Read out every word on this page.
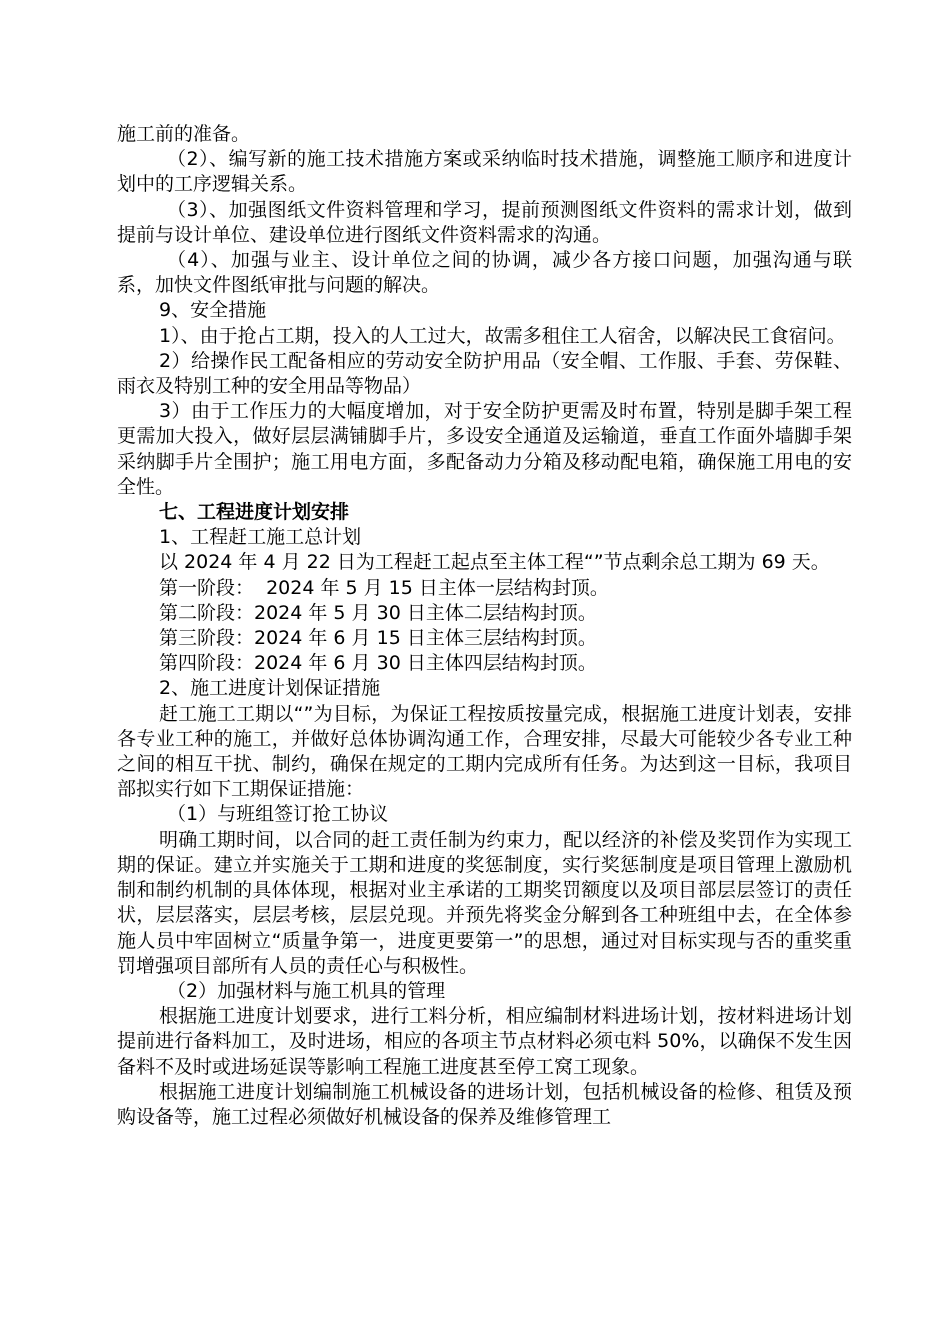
施工前的准备。

（2）、编写新的施工技术措施方案或采纳临时技术措施，调整施工顺序和进度计划中的工序逻辑关系。

（3）、加强图纸文件资料管理和学习，提前预测图纸文件资料的需求计划，做到提前与设计单位、建设单位进行图纸文件资料需求的沟通。

（4）、加强与业主、设计单位之间的协调，减少各方接口问题，加强沟通与联系，加快文件图纸审批与问题的解决。

9、安全措施

1）、由于抢占工期，投入的人工过大，故需多租住工人宿舍，以解决民工食宿问。

2）给操作民工配备相应的劳动安全防护用品（安全帽、工作服、手套、劳保鞋、雨衣及特别工种的安全用品等物品）

3）由于工作压力的大幅度增加，对于安全防护更需及时布置，特别是脚手架工程更需加大投入，做好层层满铺脚手片，多设安全通道及运输道，垂直工作面外墙脚手架采纳脚手片全围护；施工用电方面，多配备动力分箱及移动配电箱，确保施工用电的安全性。

七、工程进度计划安排

1、工程赶工施工总计划

以 2024 年 4 月 22 日为工程赶工起点至主体工程“”节点剩余总工期为 69 天。

第一阶段：  2024 年 5 月 15 日主体一层结构封顶。

第二阶段：2024 年 5 月 30 日主体二层结构封顶。

第三阶段：2024 年 6 月 15 日主体三层结构封顶。

第四阶段：2024 年 6 月 30 日主体四层结构封顶。

2、施工进度计划保证措施

赶工施工工期以“”为目标，为保证工程按质按量完成，根据施工进度计划表，安排各专业工种的施工，并做好总体协调沟通工作，合理安排，尽最大可能较少各专业工种之间的相互干扰、制约，确保在规定的工期内完成所有任务。为达到这一目标，我项目部拟实行如下工期保证措施：

（1）与班组签订抢工协议

明确工期时间，以合同的赶工责任制为约束力，配以经济的补偿及奖罚作为实现工期的保证。建立并实施关于工期和进度的奖惩制度，实行奖惩制度是项目管理上激励机制和制约机制的具体体现，根据对业主承诺的工期奖罚额度以及项目部层层签订的责任状，层层落实，层层考核，层层兑现。并预先将奖金分解到各工种班组中去，在全体参施人员中牢固树立“质量争第一，进度更要第一”的思想，通过对目标实现与否的重奖重罚增强项目部所有人员的责任心与积极性。

（2）加强材料与施工机具的管理

根据施工进度计划要求，进行工料分析，相应编制材料进场计划，按材料进场计划提前进行备料加工，及时进场，相应的各项主节点材料必须屯料 50%，以确保不发生因备料不及时或进场延误等影响工程施工进度甚至停工窝工现象。

根据施工进度计划编制施工机械设备的进场计划，包括机械设备的检修、租赁及预购设备等，施工过程必须做好机械设备的保养及维修管理工
